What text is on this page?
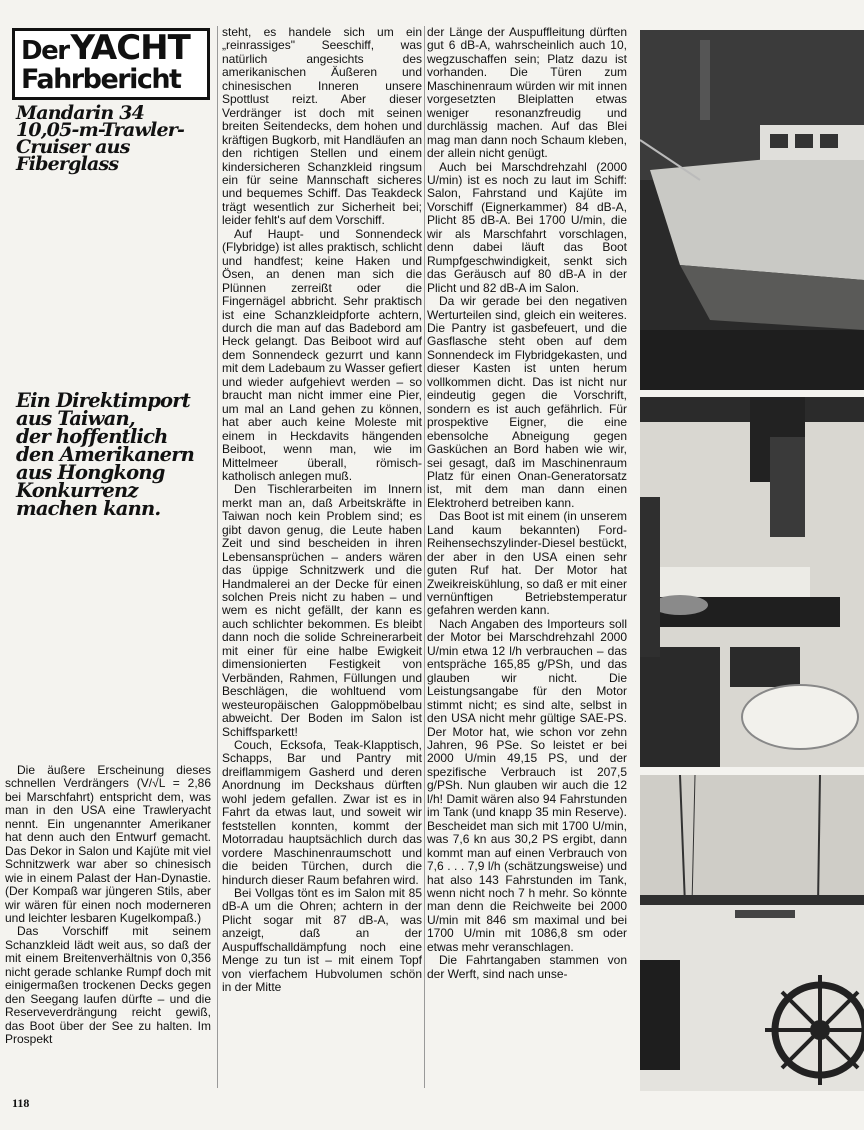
Der YACHT
Fahrbericht
Mandarin 34
10,05-m-Trawler-
Cruiser aus
Fiberglass
Ein Direktimport
aus Taiwan,
der hoffentlich
den Amerikanern
aus Hongkong
Konkurrenz
machen kann.

Die äußere Erscheinung dieses schnellen Verdrängers (V/√L = 2,86 bei Marschfahrt) entspricht dem, was man in den USA eine Trawleryacht nennt. Ein ungenannter Amerikaner hat denn auch den Entwurf gemacht. Das Dekor in Salon und Kajüte mit viel Schnitzwerk war aber so chinesisch wie in einem Palast der Han-Dynastie. (Der Kompaß war jüngeren Stils, aber wir wären für einen noch moderneren und leichter lesbaren Kugelkompaß.)

Das Vorschiff mit seinem Schanzkleid lädt weit aus, so daß der mit einem Breitenverhältnis von 0,356 nicht gerade schlanke Rumpf doch mit einigermaßen trockenen Decks gegen den Seegang laufen dürfte – und die Reserveverdrängung reicht gewiß, das Boot über der See zu halten. Im Prospekt

steht, es handele sich um ein „reinrassiges" Seeschiff, was natürlich angesichts des amerikanischen Äußeren und chinesischen Inneren unsere Spottlust reizt. Aber dieser Verdränger ist doch mit seinen breiten Seitendecks, dem hohen und kräftigen Bugkorb, mit Handläufen an den richtigen Stellen und einem kindersicheren Schanzkleid ringsum ein für seine Mannschaft sicheres und bequemes Schiff. Das Teakdeck trägt wesentlich zur Sicherheit bei; leider fehlt's auf dem Vorschiff.

Auf Haupt- und Sonnendeck (Flybridge) ist alles praktisch, schlicht und handfest; keine Haken und Ösen, an denen man sich die Plünnen zerreißt oder die Fingernägel abbricht. Sehr praktisch ist eine Schanzkleidpforte achtern, durch die man auf das Badebord am Heck gelangt. Das Beiboot wird auf dem Sonnendeck gezurrt und kann mit dem Ladebaum zu Wasser gefiert und wieder aufgehievt werden – so braucht man nicht immer eine Pier, um mal an Land gehen zu können, hat aber auch keine Moleste mit einem in Heckdavits hängenden Beiboot, wenn man, wie im Mittelmeer überall, römisch-katholisch anlegen muß.

Den Tischlerarbeiten im Innern merkt man an, daß Arbeitskräfte in Taiwan noch kein Problem sind; es gibt davon genug, die Leute haben Zeit und sind bescheiden in ihren Lebensansprüchen – anders wären das üppige Schnitzwerk und die Handmalerei an der Decke für einen solchen Preis nicht zu haben – und wem es nicht gefällt, der kann es auch schlichter bekommen. Es bleibt dann noch die solide Schreinerarbeit mit einer für eine halbe Ewigkeit dimensionierten Festigkeit von Verbänden, Rahmen, Füllungen und Beschlägen, die wohltuend vom westeuropäischen Galoppmöbelbau abweicht. Der Boden im Salon ist Schiffsparkett!

Couch, Ecksofa, Teak-Klapptisch, Schapps, Bar und Pantry mit dreiflammigem Gasherd und deren Anordnung im Deckshaus dürften wohl jedem gefallen. Zwar ist es in Fahrt da etwas laut, und soweit wir feststellen konnten, kommt der Motorradau hauptsächlich durch das vordere Maschinenraumschott und die beiden Türchen, durch die hindurch dieser Raum befahren wird.

Bei Vollgas tönt es im Salon mit 85 dB-A um die Ohren; achtern in der Plicht sogar mit 87 dB-A, was anzeigt, daß an der Auspuffschalldämpfung noch eine Menge zu tun ist – mit einem Topf von vierfachem Hubvolumen schön in der Mitte

der Länge der Auspuffleitung dürften gut 6 dB-A, wahrscheinlich auch 10, wegzuschaffen sein; Platz dazu ist vorhanden. Die Türen zum Maschinenraum würden wir mit innen vorgesetzten Bleiplatten etwas weniger resonanzfreudig und durchlässig machen. Auf das Blei mag man dann noch Schaum kleben, der allein nicht genügt.

Auch bei Marschdrehzahl (2000 U/min) ist es noch zu laut im Schiff: Salon, Fahrstand und Kajüte im Vorschiff (Eignerkammer) 84 dB-A, Plicht 85 dB-A. Bei 1700 U/min, die wir als Marschfahrt vorschlagen, denn dabei läuft das Boot Rumpfgeschwindigkeit, senkt sich das Geräusch auf 80 dB-A in der Plicht und 82 dB-A im Salon.

Da wir gerade bei den negativen Werturteilen sind, gleich ein weiteres. Die Pantry ist gasbefeuert, und die Gasflasche steht oben auf dem Sonnendeck im Flybridgekasten, und dieser Kasten ist unten herum vollkommen dicht. Das ist nicht nur eindeutig gegen die Vorschrift, sondern es ist auch gefährlich. Für prospektive Eigner, die eine ebensolche Abneigung gegen Gasküchen an Bord haben wie wir, sei gesagt, daß im Maschinenraum Platz für einen Onan-Generatorsatz ist, mit dem man dann einen Elektroherd betreiben kann.

Das Boot ist mit einem (in unserem Land kaum bekannten) Ford-Reihensechszylinder-Diesel bestückt, der aber in den USA einen sehr guten Ruf hat. Der Motor hat Zweikreiskühlung, so daß er mit einer vernünftigen Betriebstemperatur gefahren werden kann.

Nach Angaben des Importeurs soll der Motor bei Marschdrehzahl 2000 U/min etwa 12 l/h verbrauchen – das entspräche 165,85 g/PSh, und das glauben wir nicht. Die Leistungsangabe für den Motor stimmt nicht; es sind alte, selbst in den USA nicht mehr gültige SAE-PS. Der Motor hat, wie schon vor zehn Jahren, 96 PSe. So leistet er bei 2000 U/min 49,15 PS, und der spezifische Verbrauch ist 207,5 g/PSh. Nun glauben wir auch die 12 l/h! Damit wären also 94 Fahrstunden im Tank (und knapp 35 min Reserve). Bescheidet man sich mit 1700 U/min, was 7,6 kn aus 30,2 PS ergibt, dann kommt man auf einen Verbrauch von 7,6 . . . 7,9 l/h (schätzungsweise) und hat also 143 Fahrstunden im Tank, wenn nicht noch 7 h mehr. So könnte man denn die Reichweite bei 2000 U/min mit 846 sm maximal und bei 1700 U/min mit 1086,8 sm oder etwas mehr veranschlagen.

Die Fahrtangaben stammen von der Werft, sind nach unse-

118
